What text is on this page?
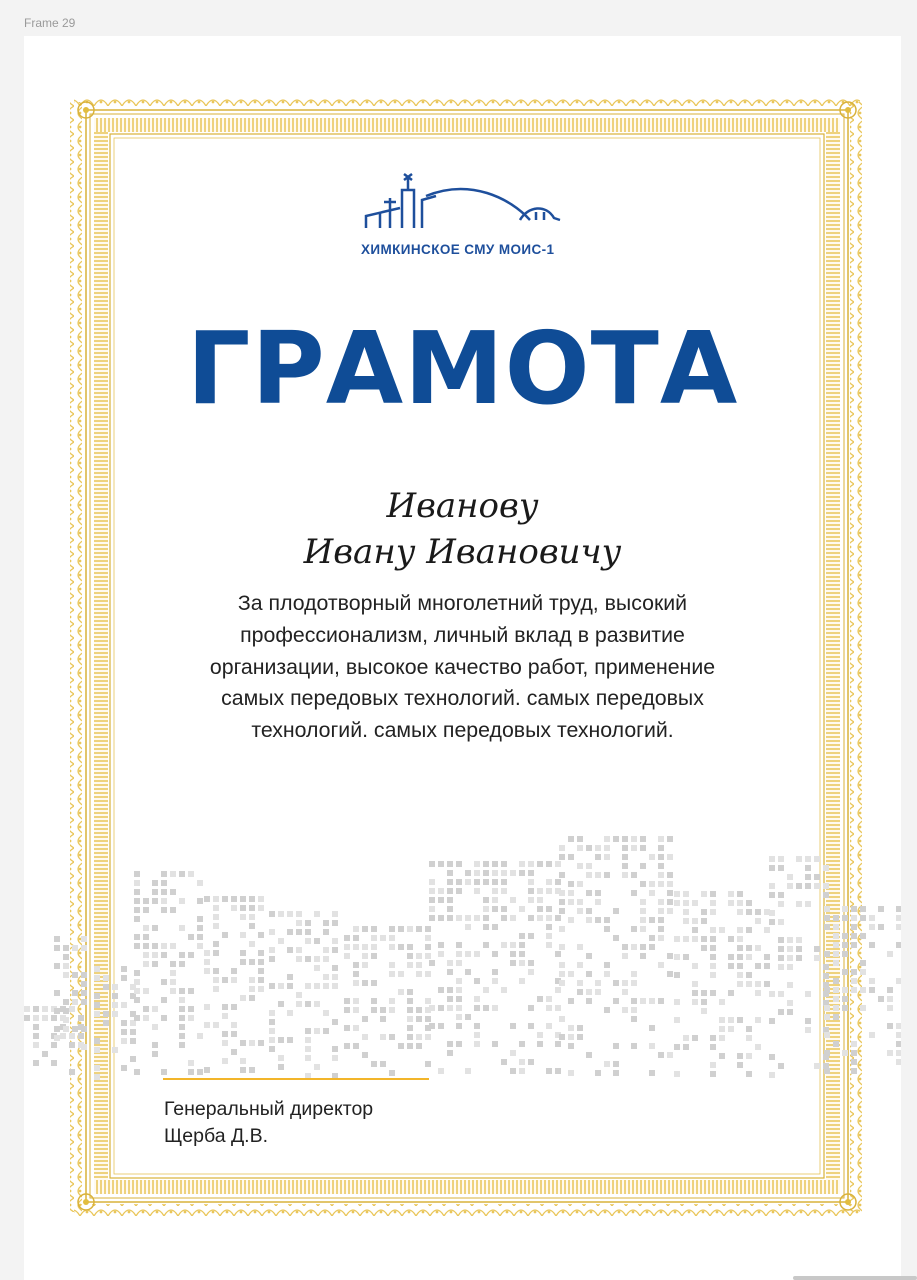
Frame 29
ХИМКИНСКОЕ СМУ МОИС-1
ГРАМОТА
Иванову
Ивану Ивановичу
За плодотворный многолетний труд, высокий
профессионализм, личный вклад в развитие
организации, высокое качество работ, применение
самых передовых технологий. самых передовых
технологий. самых передовых технологий.
Генеральный директор
Щерба Д.В.
